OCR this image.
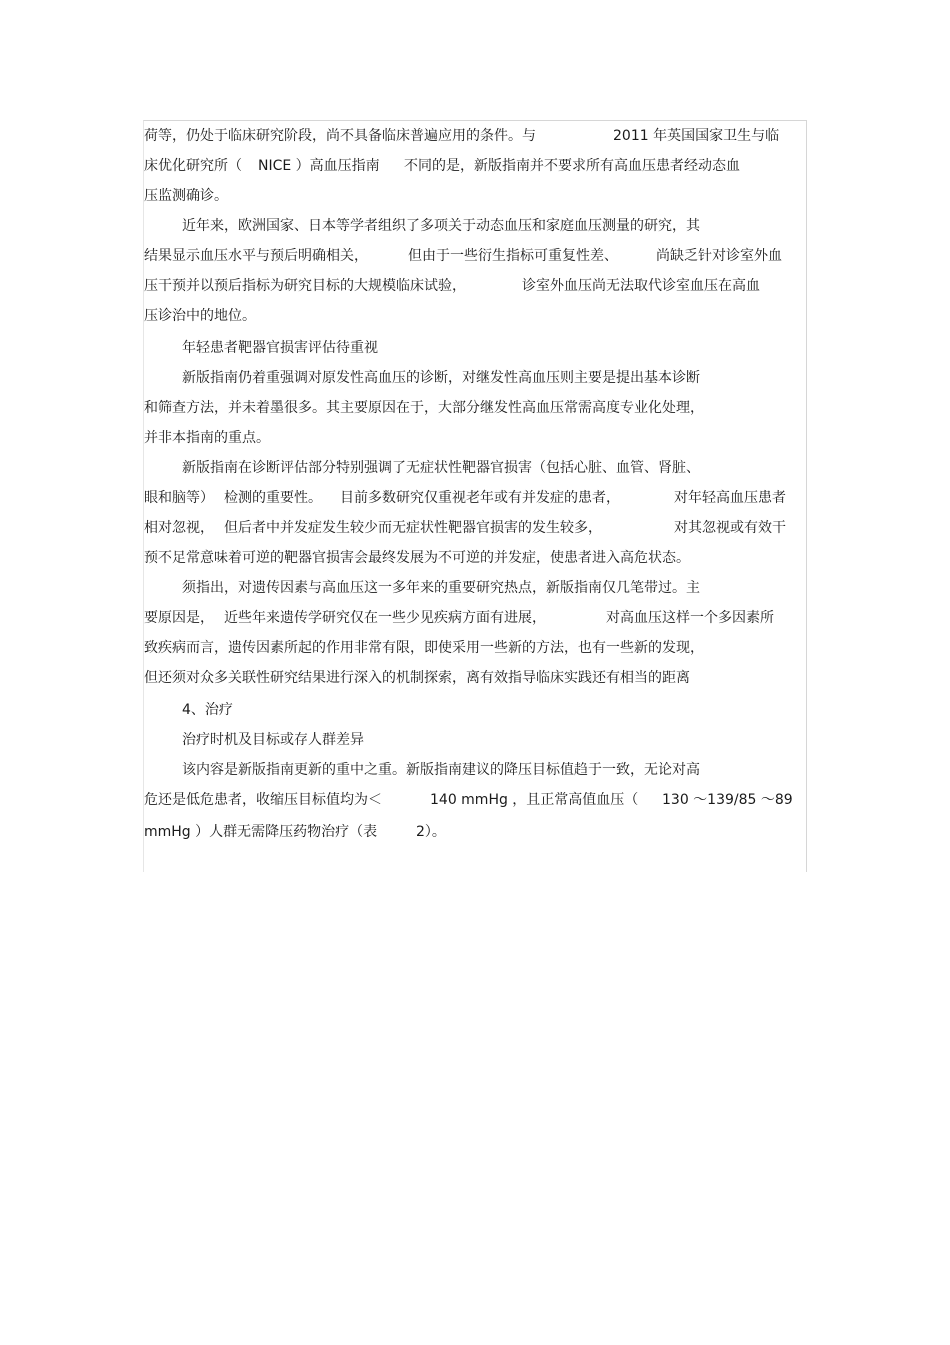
荷等，仍处于临床研究阶段，尚不具备临床普遍应用的条件。与	2011 年英国国家卫生与临
床优化研究所（ NICE ）高血压指南 不同的是，新版指南并不要求所有高血压患者经动态血
压监测确诊。
近年来，欧洲国家、日本等学者组织了多项关于动态血压和家庭血压测量的研究，其
结果显示血压水平与预后明确相关，	但由于一些衍生指标可重复性差、	尚缺乏针对诊室外血
压干预并以预后指标为研究目标的大规模临床试验，	诊室外血压尚无法取代诊室血压在高血
压诊治中的地位。
年轻患者靶器官损害评估待重视
新版指南仍着重强调对原发性高血压的诊断，对继发性高血压则主要是提出基本诊断
和筛查方法，并未着墨很多。其主要原因在于，大部分继发性高血压常需高度专业化处理，
并非本指南的重点。
新版指南在诊断评估部分特别强调了无症状性靶器官损害（包括心脏、血管、肾脏、
眼和脑等） 检测的重要性。 目前多数研究仅重视老年或有并发症的患者，	对年轻高血压患者
相对忽视， 但后者中并发症发生较少而无症状性靶器官损害的发生较多，	对其忽视或有效干
预不足常意味着可逆的靶器官损害会最终发展为不可逆的并发症，使患者进入高危状态。
须指出，对遗传因素与高血压这一多年来的重要研究热点，新版指南仅几笔带过。主
要原因是， 近些年来遗传学研究仅在一些少见疾病方面有进展，	对高血压这样一个多因素所
致疾病而言，遗传因素所起的作用非常有限，即使采用一些新的方法，也有一些新的发现，
但还须对众多关联性研究结果进行深入的机制探索，离有效指导临床实践还有相当的距离
4、治疗
治疗时机及目标或存人群差异
该内容是新版指南更新的重中之重。新版指南建议的降压目标值趋于一致，无论对高
危还是低危患者，收缩压目标值均为＜	140 mmHg ，且正常高值血压（ 130 ～139/85 ～89
mmHg ）人群无需降压药物治疗（表	2）。
